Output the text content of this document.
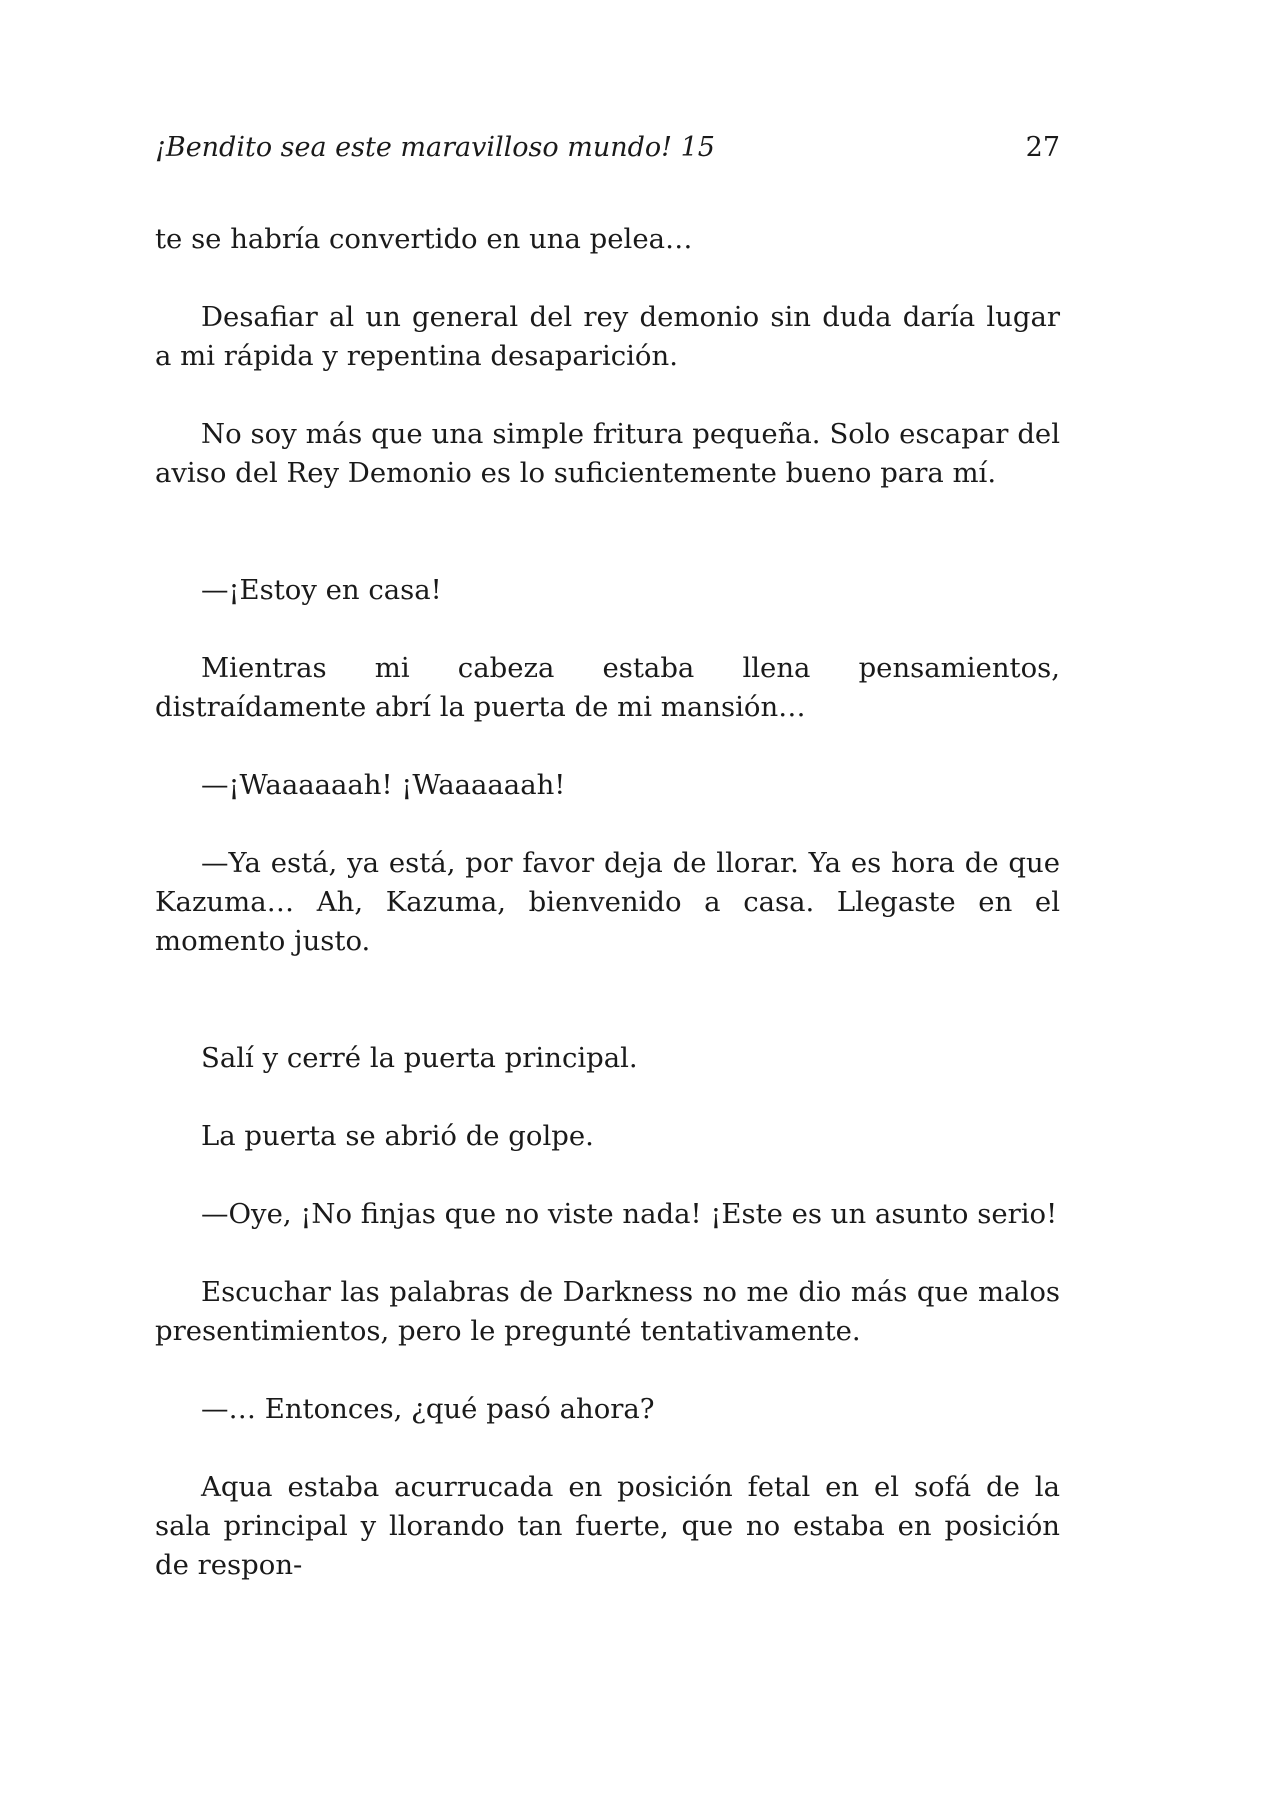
¡Bendito sea este maravilloso mundo! 15	27

te se habría convertido en una pelea…

Desafiar al un general del rey demonio sin duda daría lugar a mi rápida y repentina desaparición.

No soy más que una simple fritura pequeña. Solo escapar del aviso del Rey Demonio es lo suficientemente bueno para mí.

—¡Estoy en casa!

Mientras mi cabeza estaba llena pensamientos, distraídamente abrí la puerta de mi mansión…

—¡Waaaaaah! ¡Waaaaaah!

—Ya está, ya está, por favor deja de llorar. Ya es hora de que Kazuma… Ah, Kazuma, bienvenido a casa. Llegaste en el momento justo.

Salí y cerré la puerta principal.

La puerta se abrió de golpe.

—Oye, ¡No finjas que no viste nada! ¡Este es un asunto serio!

Escuchar las palabras de Darkness no me dio más que malos presentimientos, pero le pregunté tentativamente.

—… Entonces, ¿qué pasó ahora?

Aqua estaba acurrucada en posición fetal en el sofá de la sala principal y llorando tan fuerte, que no estaba en posición de respon-
